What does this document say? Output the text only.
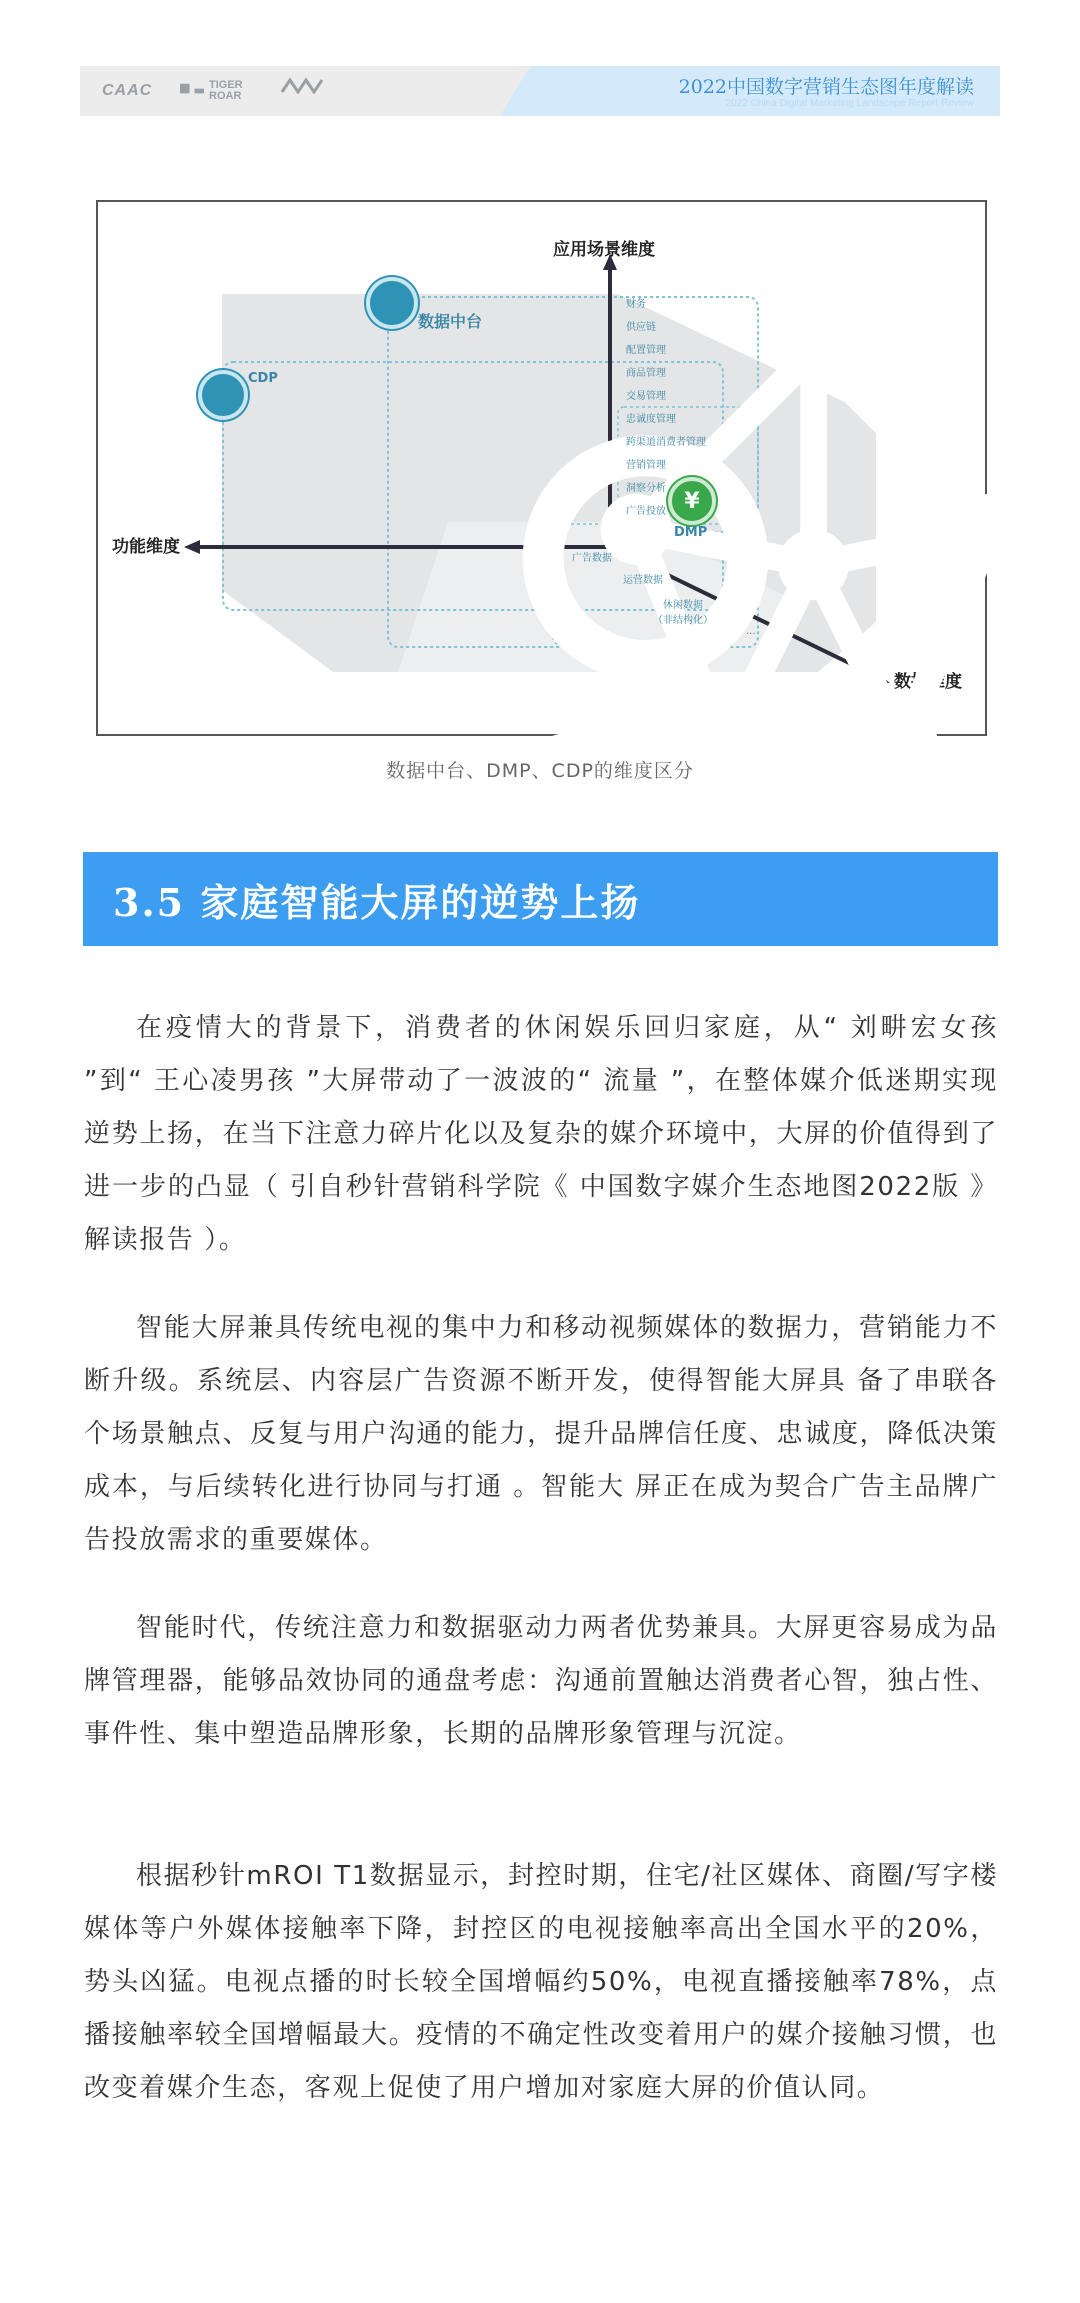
CAAC	TIGER
ROAR	2022中国数字营销生态图年度解读
2022 China Digital Marketing Landscape Report Review
应用场景维度
功能维度
数据维度
数据中台
CDP
¥
DMP
财务
供应链
配置管理
商品管理
交易管理
忠诚度管理
跨渠道消费者管理
营销管理
洞察分析
广告投放
广告数据
运营数据
休闲数据
（非结构化）
...
数据中台、DMP、CDP的维度区分
3.5 家庭智能大屏的逆势上扬

在疫情大的背景下，消费者的休闲娱乐回归家庭，从“ 刘畊宏女孩 ”到“ 王心凌男孩 ”大屏带动了一波波的“ 流量 ”，在整体媒介低迷期实现逆势上扬，在当下注意力碎片化以及复杂的媒介环境中，大屏的价值得到了进一步的凸显（ 引自秒针营销科学院《 中国数字媒介生态地图2022版 》解读报告 ）。

智能大屏兼具传统电视的集中力和移动视频媒体的数据力，营销能力不断升级。系统层、内容层广告资源不断开发，使得智能大屏具 备了串联各个场景触点、反复与用户沟通的能力，提升品牌信任度、忠诚度，降低决策成本，与后续转化进行协同与打通 。智能大 屏正在成为契合广告主品牌广告投放需求的重要媒体。

智能时代，传统注意力和数据驱动力两者优势兼具。大屏更容易成为品牌管理器，能够品效协同的通盘考虑：沟通前置触达消费者心智，独占性、事件性、集中塑造品牌形象，长期的品牌形象管理与沉淀。

根据秒针mROI T1数据显示，封控时期，住宅/社区媒体、商圈/写字楼媒体等户外媒体接触率下降，封控区的电视接触率高出全国水平的20%，势头凶猛。电视点播的时长较全国增幅约50%，电视直播接触率78%，点播接触率较全国增幅最大。疫情的不确定性改变着用户的媒介接触习惯，也改变着媒介生态，客观上促使了用户增加对家庭大屏的价值认同。
